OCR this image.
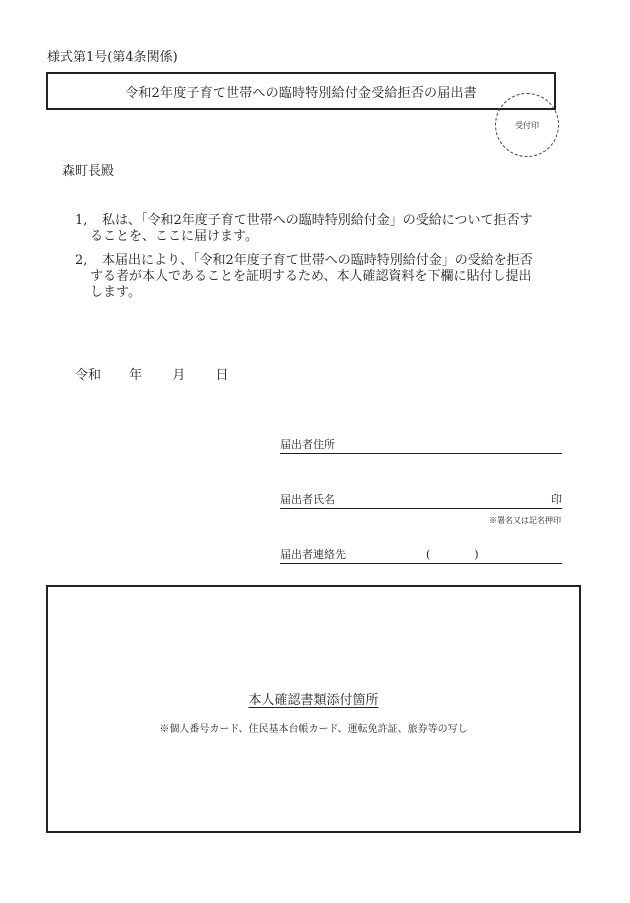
様式第1号(第4条関係)
令和2年度子育て世帯への臨時特別給付金受給拒否の届出書
受付印
森町長殿
1,	私は、「令和2年度子育て世帯への臨時特別給付金」の受給について拒否す
ることを、ここに届けます。
2,	本届出により、「令和2年度子育て世帯への臨時特別給付金」の受給を拒否
する者が本人であることを証明するため、本人確認資料を下欄に貼付し提出
します。
令和 年 月 日
届出者住所
届出者氏名	印
※署名又は記名押印
届出者連絡先	(　　　　)
本人確認書類添付箇所
※個人番号カード、住民基本台帳カード、運転免許証、旅券等の写し
